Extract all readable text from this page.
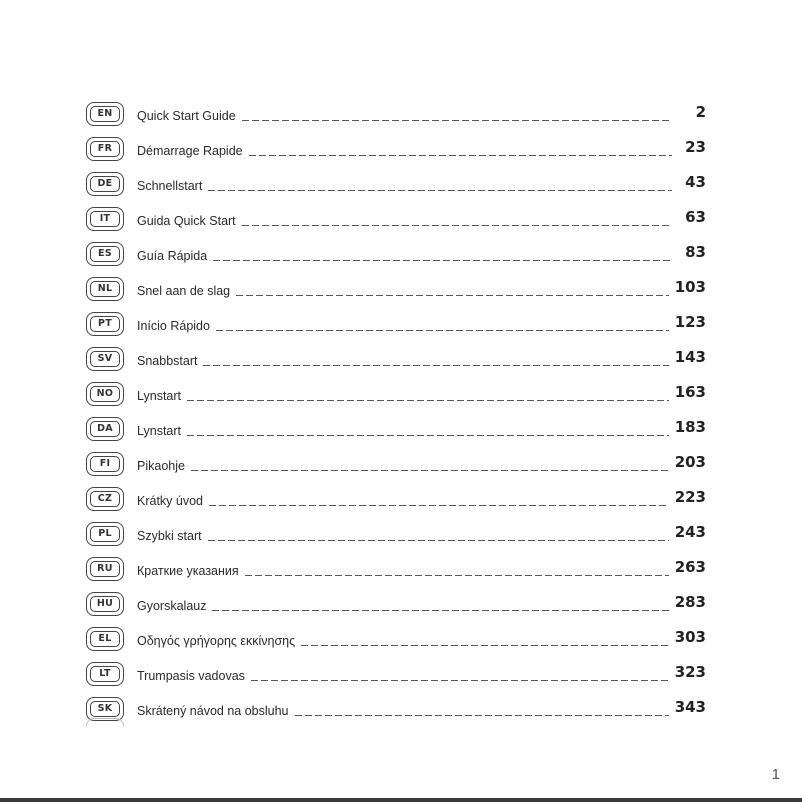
EN	Quick Start Guide	2
FR	Démarrage Rapide	23
DE	Schnellstart	43
IT	Guida Quick Start	63
ES	Guía Rápida	83
NL	Snel aan de slag	103
PT	Início Rápido	123
SV	Snabbstart	143
NO	Lynstart	163
DA	Lynstart	183
FI	Pikaohje	203
CZ	Krátky úvod	223
PL	Szybki start	243
RU	Краткие указания	263
HU	Gyorskalauz	283
EL	Οδηγός γρήγορης εκκίνησης	303
LT	Trumpasis vadovas	323
SK	Skrátený návod na obsluhu	343
1
